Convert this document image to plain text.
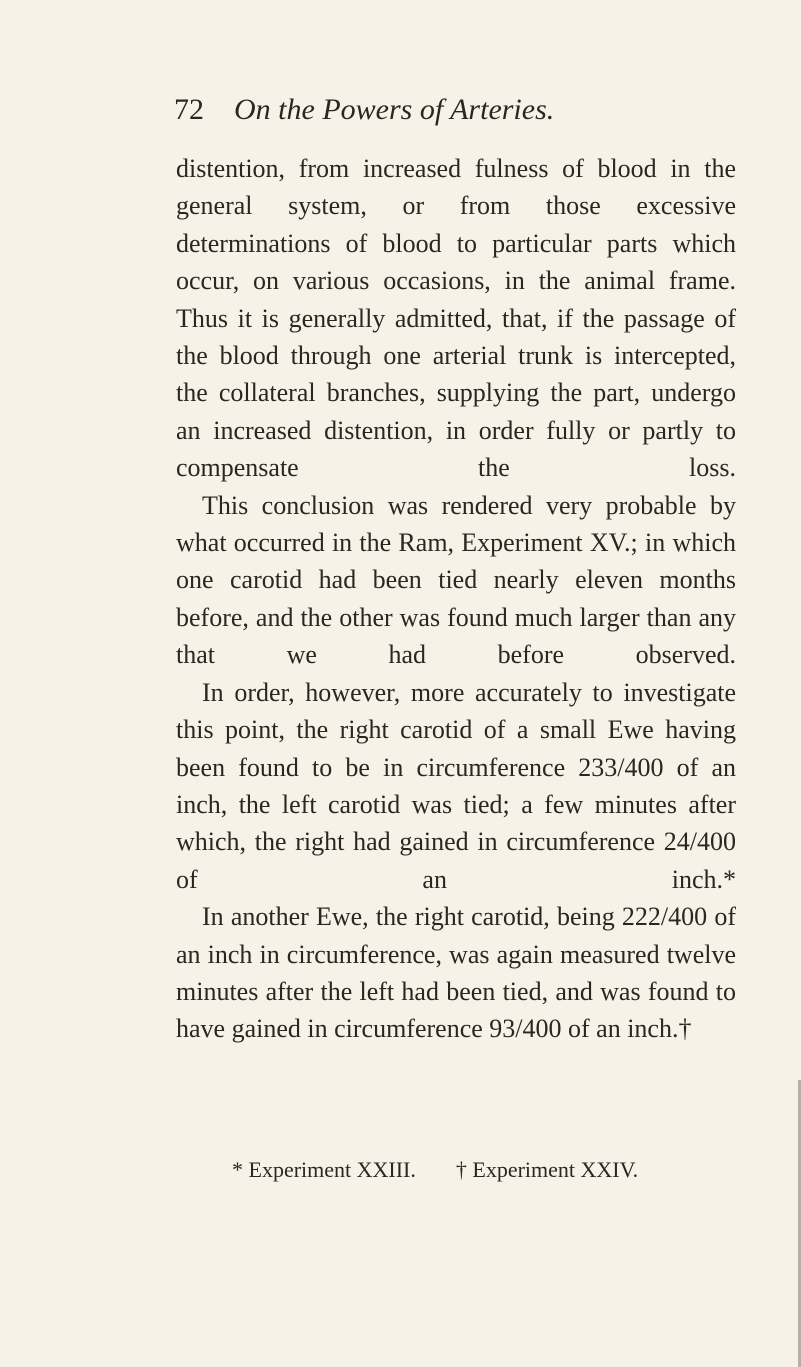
72 On the Powers of Arteries.

distention, from increased fulness of blood in the general system, or from those excessive determinations of blood to particular parts which occur, on various occasions, in the animal frame. Thus it is generally admitted, that, if the passage of the blood through one arterial trunk is intercepted, the collateral branches, supplying the part, undergo an increased distention, in order fully or partly to compensate the loss.

This conclusion was rendered very probable by what occurred in the Ram, Experiment XV.; in which one carotid had been tied nearly eleven months before, and the other was found much larger than any that we had before observed.

In order, however, more accurately to investigate this point, the right carotid of a small Ewe having been found to be in circumference 233/400 of an inch, the left carotid was tied; a few minutes after which, the right had gained in circumference 24/400 of an inch.*

In another Ewe, the right carotid, being 222/400 of an inch in circumference, was again measured twelve minutes after the left had been tied, and was found to have gained in circumference 93/400 of an inch.†

* Experiment XXIII. † Experiment XXIV.
